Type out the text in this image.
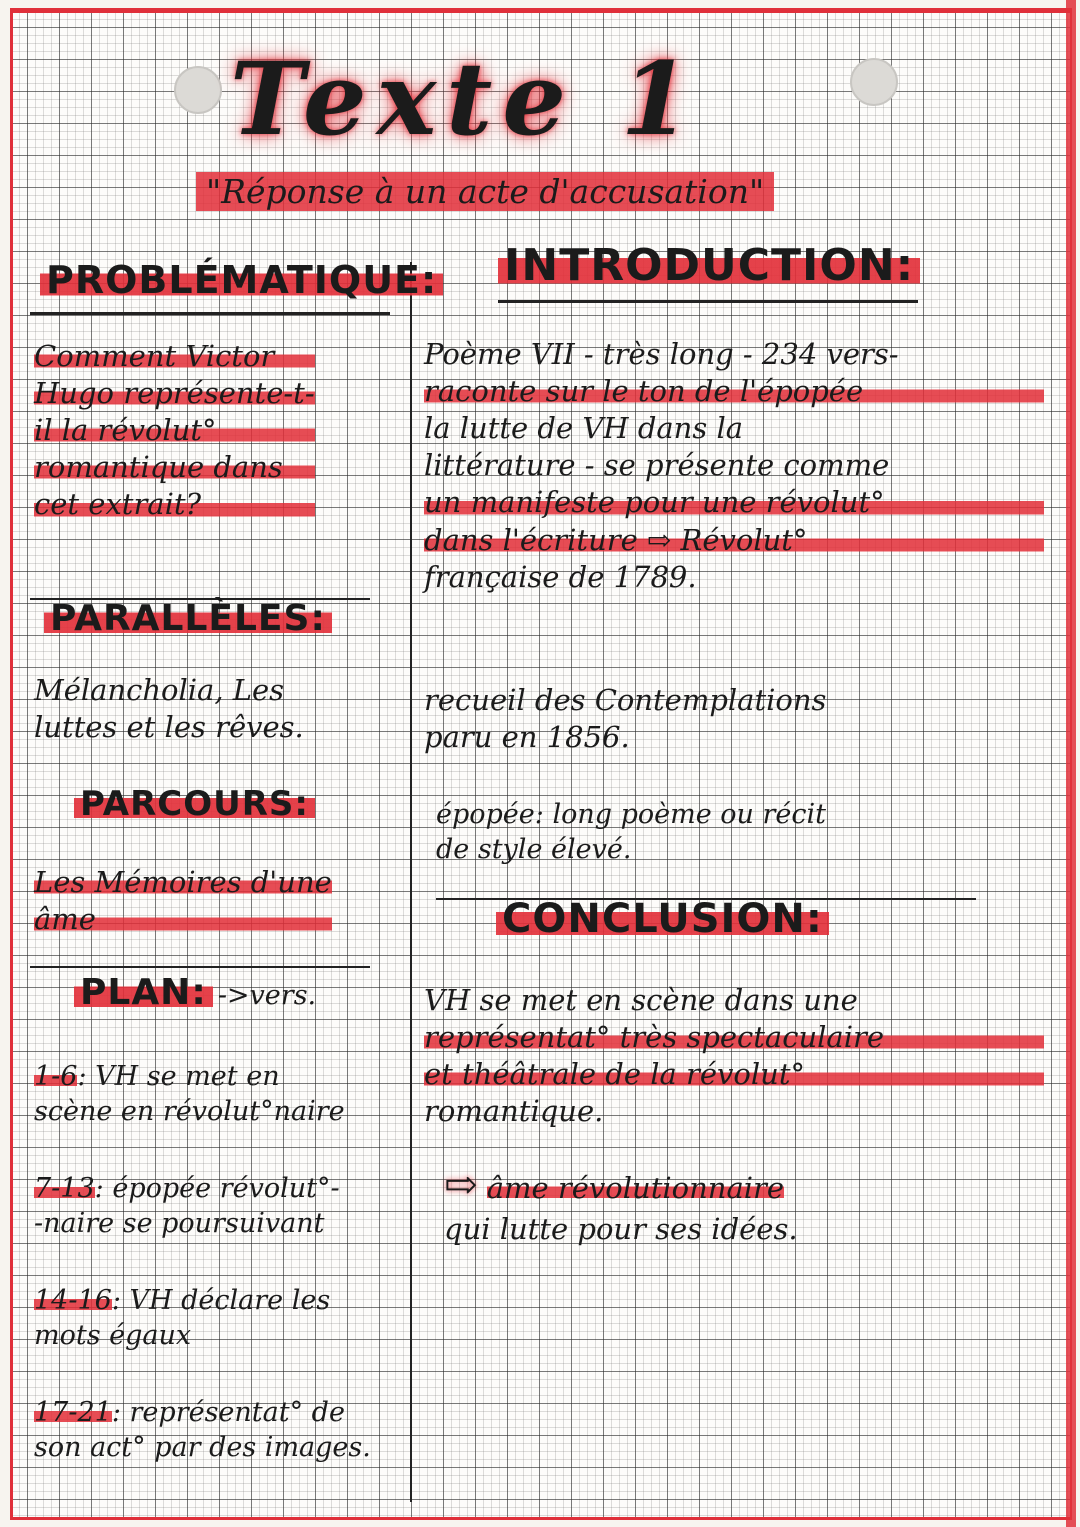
Texte 1
"Réponse à un acte d'accusation"
PROBLÉMATIQUE:
Comment Victor
Hugo représente-t-
il la révolut°
romantique dans
cet extrait?
PARALLÈLES:
Mélancholia, Les
luttes et les rêves.
PARCOURS:
Les Mémoires d'une
âme
PLAN: ->vers.
1-6: VH se met en
scène en révolut°naire
7-13: épopée révolut°-
-naire se poursuivant
14-16: VH déclare les
mots égaux
17-21: représentat° de
son act° par des images.
INTRODUCTION:
Poème VII - très long - 234 vers-
raconte sur le ton de l'épopée
la lutte de VH dans la
littérature - se présente comme
un manifeste pour une révolut°
dans l'écriture ⇨ Révolut°
française de 1789.
recueil des Contemplations
paru en 1856.
épopée: long poème ou récit
de style élevé.
CONCLUSION:
VH se met en scène dans une
représentat° très spectaculaire
et théâtrale de la révolut°
romantique.
⇨ âme révolutionnaire
qui lutte pour ses idées.
